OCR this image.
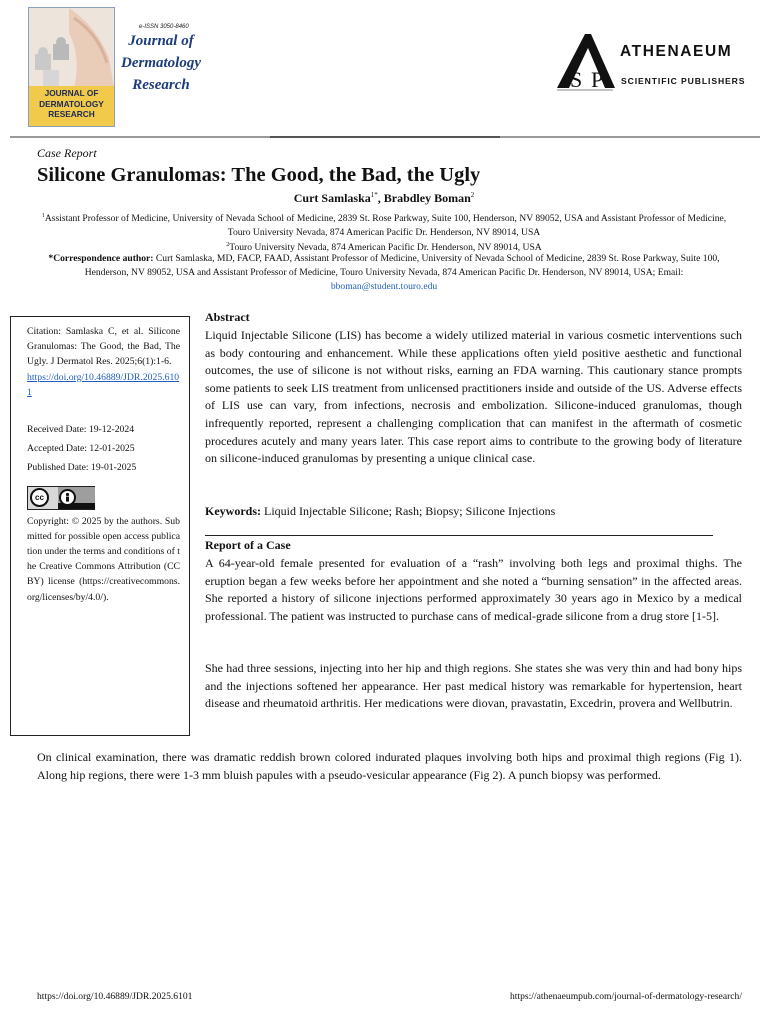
JOURNAL OF
DERMATOLOGY
RESEARCH
e-ISSN 3050-8460
Journal of
Dermatology
Research	S P
ATHENAEUM
SCIENTIFIC PUBLISHERS
Case Report
Silicone Granulomas: The Good, the Bad, the Ugly
Curt Samlaska$^{1*}$, Brabdley Boman$^2$
$^1$Assistant Professor of Medicine, University of Nevada School of Medicine, 2839 St. Rose Parkway, Suite 100, Henderson, NV 89052, USA and Assistant Professor of Medicine, Touro University Nevada, 874 American Pacific Dr. Henderson, NV 89014, USA
$^2$Touro University Nevada, 874 American Pacific Dr. Henderson, NV 89014, USA
*Correspondence author: Curt Samlaska, MD, FACP, FAAD, Assistant Professor of Medicine, University of Nevada School of Medicine, 2839 St. Rose Parkway, Suite 100, Henderson, NV 89052, USA and Assistant Professor of Medicine, Touro University Nevada, 874 American Pacific Dr. Henderson, NV 89014, USA; Email: bboman@student.touro.edu
Citation: Samlaska C, et al. Silicone Granulomas: The Good, the Bad, The Ugly. J Dermatol Res. 2025;6(1):1-6.
https://doi.org/10.46889/JDR.2025.6101
Received Date: 19-12-2024
Accepted Date: 12-01-2025
Published Date: 19-01-2025
cc
Copyright: © 2025 by the authors. Submitted for possible open access publication under the terms and conditions of the Creative Commons Attribution (CCBY) license (https://creativecommons.org/licenses/by/4.0/).
Abstract
Liquid Injectable Silicone (LIS) has become a widely utilized material in various cosmetic interventions such as body contouring and enhancement. While these applications often yield positive aesthetic and functional outcomes, the use of silicone is not without risks, earning an FDA warning. This cautionary stance prompts some patients to seek LIS treatment from unlicensed practitioners inside and outside of the US. Adverse effects of LIS use can vary, from infections, necrosis and embolization. Silicone-induced granulomas, though infrequently reported, represent a challenging complication that can manifest in the aftermath of cosmetic procedures acutely and many years later. This case report aims to contribute to the growing body of literature on silicone-induced granulomas by presenting a unique clinical case.
Keywords: Liquid Injectable Silicone; Rash; Biopsy; Silicone Injections
Report of a Case
A 64-year-old female presented for evaluation of a “rash” involving both legs and proximal thighs. The eruption began a few weeks before her appointment and she noted a “burning sensation” in the affected areas. She reported a history of silicone injections performed approximately 30 years ago in Mexico by a medical professional. The patient was instructed to purchase cans of medical-grade silicone from a drug store [1-5].
She had three sessions, injecting into her hip and thigh regions. She states she was very thin and had bony hips and the injections softened her appearance. Her past medical history was remarkable for hypertension, heart disease and rheumatoid arthritis. Her medications were diovan, pravastatin, Excedrin, provera and Wellbutrin.
On clinical examination, there was dramatic reddish brown colored indurated plaques involving both hips and proximal thigh regions (Fig 1). Along hip regions, there were 1-3 mm bluish papules with a pseudo-vesicular appearance (Fig 2). A punch biopsy was performed.
https://doi.org/10.46889/JDR.2025.6101	https://athenaeumpub.com/journal-of-dermatology-research/
